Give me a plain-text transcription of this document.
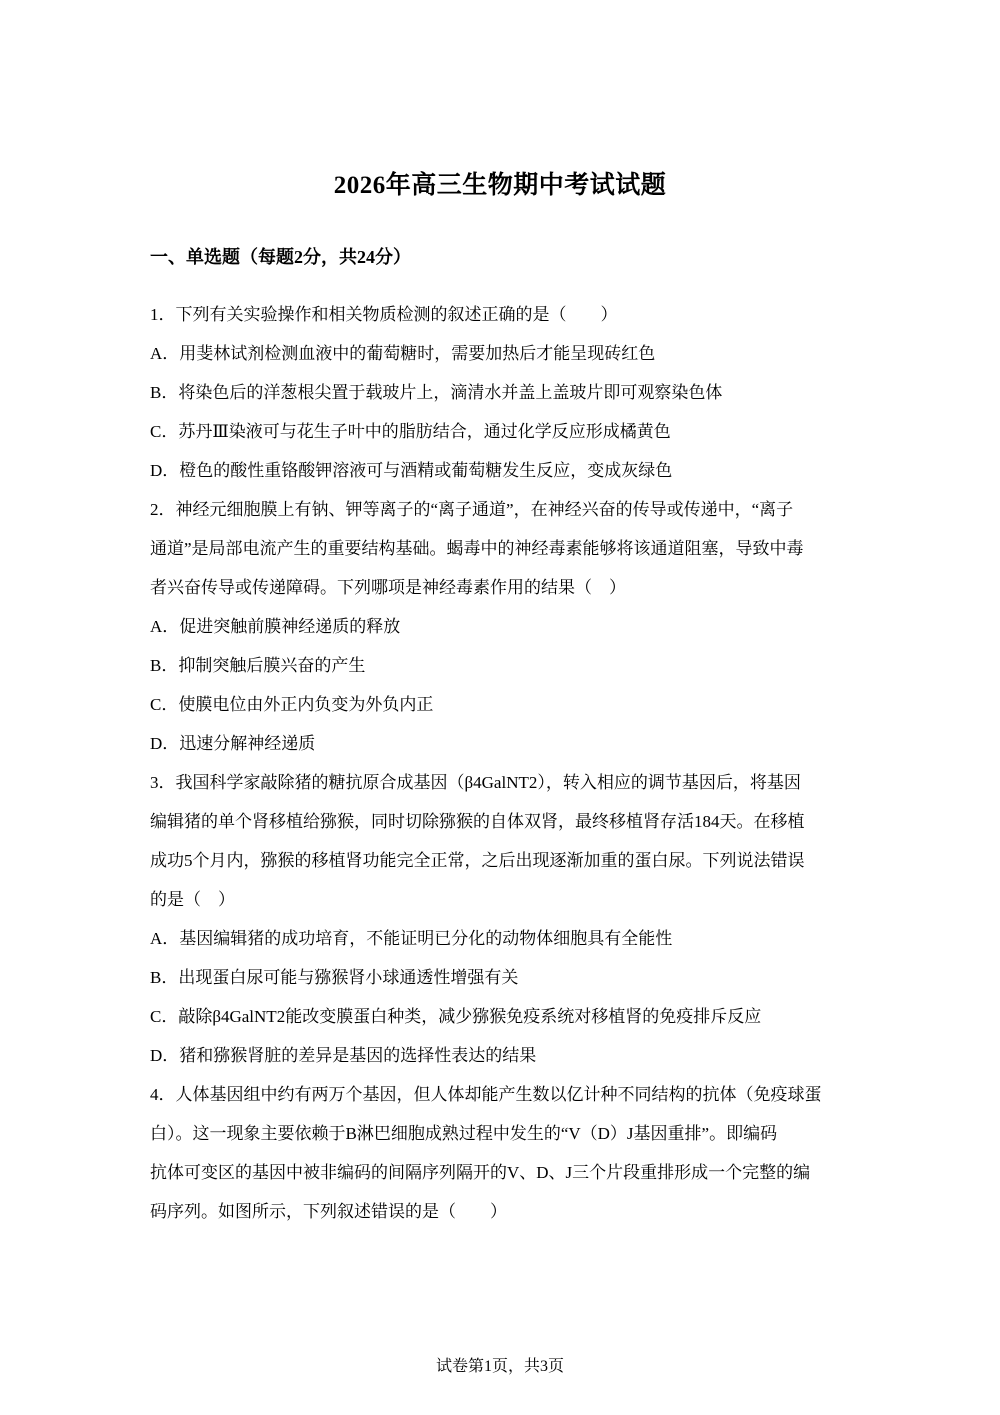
2026年高三生物期中考试试题
一、单选题（每题2分，共24分）
1．下列有关实验操作和相关物质检测的叙述正确的是（　　）
A．用斐林试剂检测血液中的葡萄糖时，需要加热后才能呈现砖红色
B．将染色后的洋葱根尖置于载玻片上，滴清水并盖上盖玻片即可观察染色体
C．苏丹Ⅲ染液可与花生子叶中的脂肪结合，通过化学反应形成橘黄色
D．橙色的酸性重铬酸钾溶液可与酒精或葡萄糖发生反应，变成灰绿色
2．神经元细胞膜上有钠、钾等离子的“离子通道”，在神经兴奋的传导或传递中，“离子
通道”是局部电流产生的重要结构基础。蝎毒中的神经毒素能够将该通道阻塞，导致中毒
者兴奋传导或传递障碍。下列哪项是神经毒素作用的结果（　）
A．促进突触前膜神经递质的释放
B．抑制突触后膜兴奋的产生
C．使膜电位由外正内负变为外负内正
D．迅速分解神经递质
3．我国科学家敲除猪的糖抗原合成基因（β4GalNT2），转入相应的调节基因后，将基因
编辑猪的单个肾移植给猕猴，同时切除猕猴的自体双肾，最终移植肾存活184天。在移植
成功5个月内，猕猴的移植肾功能完全正常，之后出现逐渐加重的蛋白尿。下列说法错误
的是（　）
A．基因编辑猪的成功培育，不能证明已分化的动物体细胞具有全能性
B．出现蛋白尿可能与猕猴肾小球通透性增强有关
C．敲除β4GalNT2能改变膜蛋白种类，减少猕猴免疫系统对移植肾的免疫排斥反应
D．猪和猕猴肾脏的差异是基因的选择性表达的结果
4．人体基因组中约有两万个基因，但人体却能产生数以亿计种不同结构的抗体（免疫球蛋
白）。这一现象主要依赖于B淋巴细胞成熟过程中发生的“V（D）J基因重排”。即编码
抗体可变区的基因中被非编码的间隔序列隔开的V、D、J三个片段重排形成一个完整的编
码序列。如图所示，下列叙述错误的是（　　）
试卷第1页，共3页
